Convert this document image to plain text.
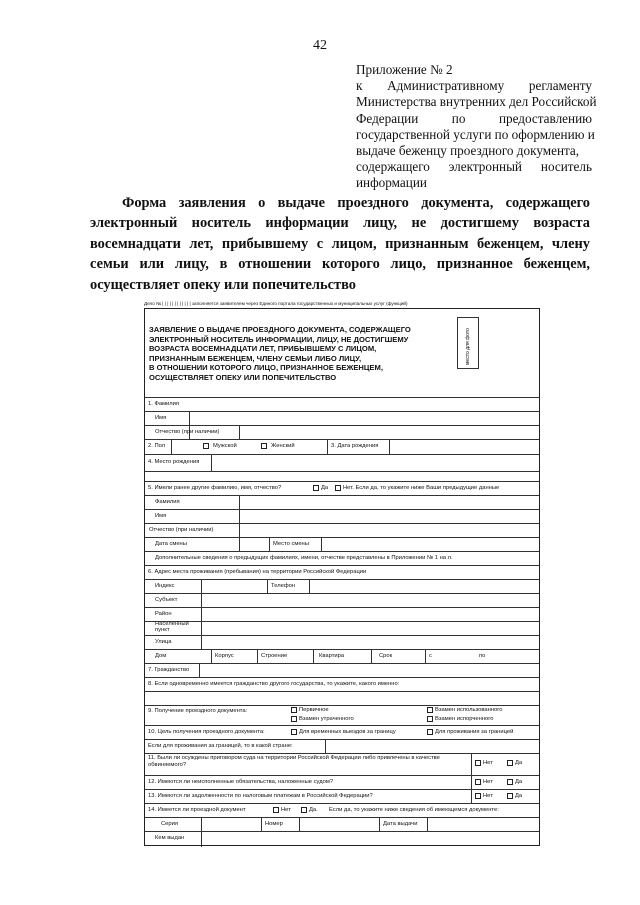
42
Приложение № 2
к Административному регламенту
Министерства внутренних дел Российской
Федерации по предоставлению
государственной услуги по оформлению и
выдаче беженцу проездного документа,
содержащего электронный носитель
информации
Форма заявления о выдаче проездного документа, содержащего
электронный носитель информации лицу, не достигшему возраста
восемнадцати лет, прибывшему с лицом, признанным беженцем, члену
семьи или лицу, в отношении которого лицо, признанное беженцем,
осуществляет опеку или попечительство
Дело № | | | | | | | | | | | | заполняется заявителем через Единого портала государственных и муниципальных услуг (функций)
ЗАЯВЛЕНИЕ О ВЫДАЧЕ ПРОЕЗДНОГО ДОКУМЕНТА, СОДЕРЖАЩЕГО
ЭЛЕКТРОННЫЙ НОСИТЕЛЬ ИНФОРМАЦИИ, ЛИЦУ, НЕ ДОСТИГШЕМУ
ВОЗРАСТА ВОСЕМНАДЦАТИ ЛЕТ, ПРИБЫВШЕМУ С ЛИЦОМ,
ПРИЗНАННЫМ БЕЖЕНЦЕМ, ЧЛЕНУ СЕМЬИ ЛИБО ЛИЦУ,
В ОТНОШЕНИИ КОТОРОГО ЛИЦО, ПРИЗНАННОЕ БЕЖЕНЦЕМ,
ОСУЩЕСТВЛЯЕТ ОПЕКУ ИЛИ ПОПЕЧИТЕЛЬСТВО
место для фото
1. Фамилия
Имя
Отчество (при наличии)
2. Пол	Мужской	Женский	3. Дата рождения
4. Место рождения
5. Имели ранее другие фамилию, имя, отчество?	Да	Нет. Если да, то укажите ниже Ваши предыдущие данные
Фамилия
Имя
Отчество (при наличии)
Дата смены	Место смены
Дополнительные сведения о предыдущих фамилиях, имени, отчестве представлены в Приложении № 1 на л.
6. Адрес места проживания (пребывания) на территории Российской Федерации
Индекс	Телефон
Субъект
Район
Населенный пункт
Улица
Дом	Корпус	Строение	Квартира	Срок	с	по
7. Гражданство
8. Если одновременно имеется гражданство другого государства, то укажите, какого именно:
9. Получение проездного документа:	Первичное
Взамен утраченного
Взамен использованного
Взамен испорченного
10. Цель получения проездного документа:	Для временных выездов за границу	Для проживания за границей
Если для проживания за границей, то в какой стране:
11. Были ли осуждены приговором суда на территории Российской Федерации либо привлечены в качестве обвиняемого?	Нет	Да
12. Имеются ли неисполненные обязательства, наложенные судом?	Нет	Да
13. Имеются ли задолженности по налоговым платежам в Российской Федерации?	Нет	Да
14. Имеется ли проездной документ	Нет	Да. Если да, то укажите ниже сведения об имеющемся документе:
Серия	Номер	Дата выдачи
Кем выдан
